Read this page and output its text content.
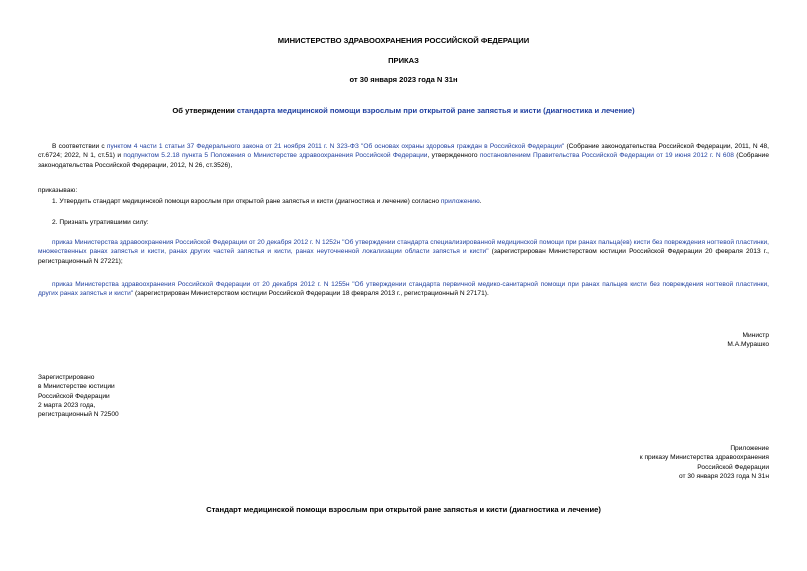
МИНИСТЕРСТВО ЗДРАВООХРАНЕНИЯ РОССИЙСКОЙ ФЕДЕРАЦИИ
ПРИКАЗ
от 30 января 2023 года N 31н
Об утверждении стандарта медицинской помощи взрослым при открытой ране запястья и кисти (диагностика и лечение)
В соответствии с пунктом 4 части 1 статьи 37 Федерального закона от 21 ноября 2011 г. N 323-ФЗ "Об основах охраны здоровья граждан в Российской Федерации" (Собрание законодательства Российской Федерации, 2011, N 48, ст.6724; 2022, N 1, ст.51) и подпунктом 5.2.18 пункта 5 Положения о Министерстве здравоохранения Российской Федерации, утвержденного постановлением Правительства Российской Федерации от 19 июня 2012 г. N 608 (Собрание законодательства Российской Федерации, 2012, N 26, ст.3526),
приказываю:
1. Утвердить стандарт медицинской помощи взрослым при открытой ране запястья и кисти (диагностика и лечение) согласно приложению.
2. Признать утратившими силу:
приказ Министерства здравоохранения Российской Федерации от 20 декабря 2012 г. N 1252н "Об утверждении стандарта специализированной медицинской помощи при ранах пальца(ев) кисти без повреждения ногтевой пластинки, множественных ранах запястья и кисти, ранах других частей запястья и кисти, ранах неуточненной локализации области запястья и кисти" (зарегистрирован Министерством юстиции Российской Федерации 20 февраля 2013 г., регистрационный N 27221);
приказ Министерства здравоохранения Российской Федерации от 20 декабря 2012 г. N 1255н "Об утверждении стандарта первичной медико-санитарной помощи при ранах пальцев кисти без повреждения ногтевой пластинки, других ранах запястья и кисти" (зарегистрирован Министерством юстиции Российской Федерации 18 февраля 2013 г., регистрационный N 27171).

Министр

М.А.Мурашко

Зарегистрировано

в Министерстве юстиции

Российской Федерации

2 марта 2023 года,

регистрационный N 72500

Приложение

к приказу Министерства здравоохранения

Российской Федерации

от 30 января 2023 года N 31н

Стандарт медицинской помощи взрослым при открытой ране запястья и кисти (диагностика и лечение)
